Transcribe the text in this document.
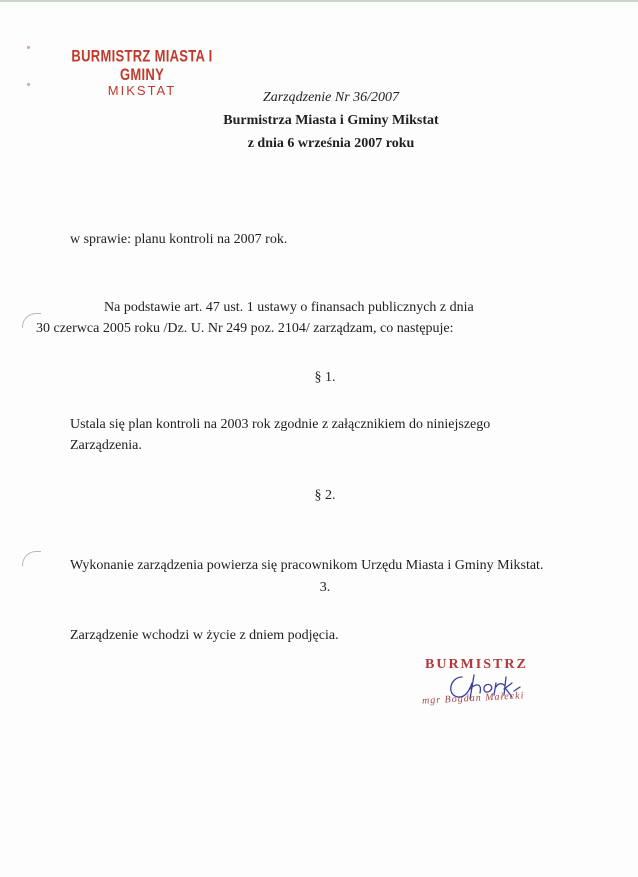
BURMISTRZ MIASTA I GMINY
MIKSTAT	Zarządzenie Nr 36/2007
Burmistrza Miasta i Gminy Mikstat
z dnia 6 września 2007 roku
w sprawie: planu kontroli na 2007 rok.
Na podstawie art. 47 ust. 1 ustawy o finansach publicznych z dnia
30 czerwca 2005 roku /Dz. U. Nr 249 poz. 2104/ zarządzam, co następuje:
§ 1.
Ustala się plan kontroli na 2003 rok zgodnie z załącznikiem do niniejszego
Zarządzenia.
§ 2.
Wykonanie zarządzenia powierza się pracownikom Urzędu Miasta i Gminy Mikstat.
3.
Zarządzenie wchodzi w życie z dniem podjęcia.
BURMISTRZ
mgr Bogdan Małecki
